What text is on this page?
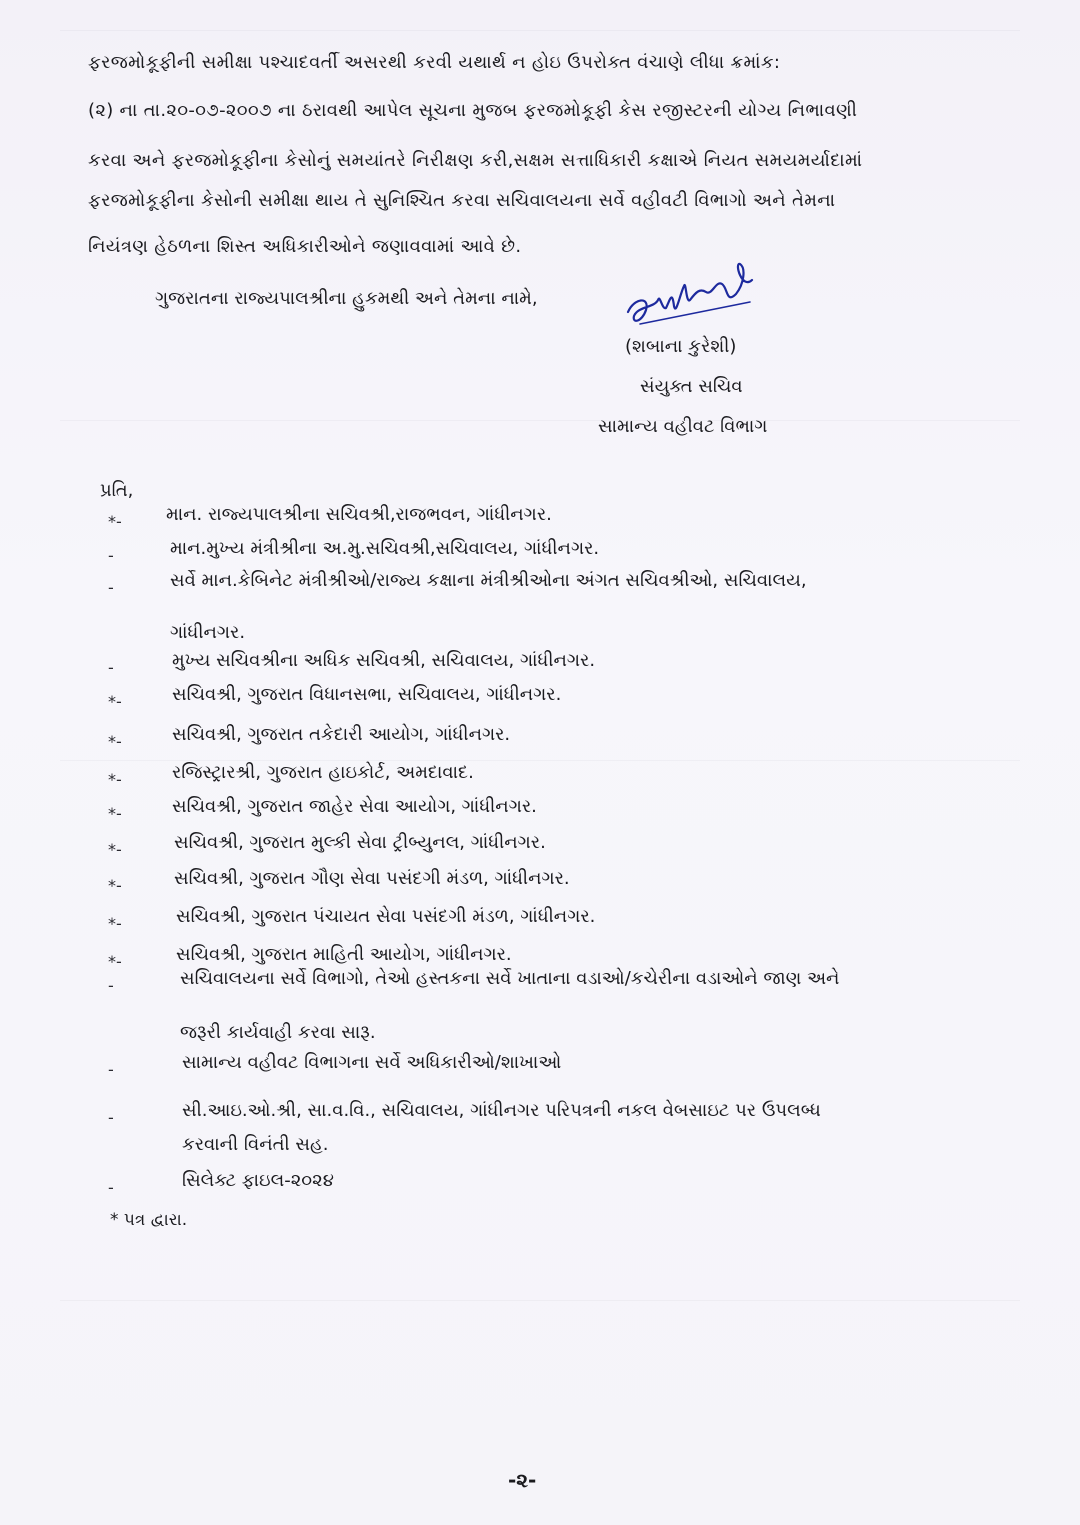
ફરજમોકૂફીની સમીક્ષા પશ્ચાદવર્તી અસરથી કરવી યથાર્થ ન હોઇ ઉપરોક્ત વંચાણે લીધા ક્રમાંક:
(૨) ના તા.૨૦-૦૭-૨૦૦૭ ના ઠરાવથી આપેલ સૂચના મુજબ ફરજમોકૂફી કેસ રજીસ્ટરની યોગ્ય નિભાવણી
કરવા અને ફરજમોકૂફીના કેસોનું સમયાંતરે નિરીક્ષણ કરી,સક્ષમ સત્તાધિકારી કક્ષાએ નિયત સમયમર્યાદામાં
ફરજમોકૂફીના કેસોની સમીક્ષા થાય તે સુનિશ્ચિત કરવા સચિવાલયના સર્વે વહીવટી વિભાગો અને તેમના
નિયંત્રણ હેઠળના શિસ્ત અધિકારીઓને જણાવવામાં આવે છે.
ગુજરાતના રાજ્યપાલશ્રીના હુકમથી અને તેમના નામે,
(શબાના કુરેશી)
સંયુક્ત સચિવ
સામાન્ય વહીવટ વિભાગ
પ્રતિ,
*- માન. રાજ્યપાલશ્રીના સચિવશ્રી,રાજભવન, ગાંધીનગર.
-	માન.મુખ્ય મંત્રીશ્રીના અ.મુ.સચિવશ્રી,સચિવાલય, ગાંધીનગર.
-	સર્વે માન.કેબિનેટ મંત્રીશ્રીઓ/રાજ્ય કક્ષાના મંત્રીશ્રીઓના અંગત સચિવશ્રીઓ, સચિવાલય,
ગાંધીનગર.
-	મુખ્ય સચિવશ્રીના અધિક સચિવશ્રી, સચિવાલય, ગાંધીનગર.
*-	સચિવશ્રી, ગુજરાત વિધાનસભા, સચિવાલય, ગાંધીનગર.
*-	સચિવશ્રી, ગુજરાત તકેદારી આયોગ, ગાંધીનગર.
*-	રજિસ્ટ્રારશ્રી, ગુજરાત હાઇકોર્ટ, અમદાવાદ.
*-	સચિવશ્રી, ગુજરાત જાહેર સેવા આયોગ, ગાંધીનગર.
*-	સચિવશ્રી, ગુજરાત મુલ્કી સેવા ટ્રીબ્યુનલ, ગાંધીનગર.
*-	સચિવશ્રી, ગુજરાત ગૌણ સેવા પસંદગી મંડળ, ગાંધીનગર.
*-	સચિવશ્રી, ગુજરાત પંચાયત સેવા પસંદગી મંડળ, ગાંધીનગર.
*-	સચિવશ્રી, ગુજરાત માહિતી આયોગ, ગાંધીનગર.
-	સચિવાલયના સર્વે વિભાગો, તેઓ હસ્તકના સર્વે ખાતાના વડાઓ/કચેરીના વડાઓને જાણ અને
જરૂરી કાર્યવાહી કરવા સારૂ.
-	સામાન્ય વહીવટ વિભાગના સર્વે અધિકારીઓ/શાખાઓ
-	સી.આઇ.ઓ.શ્રી, સા.વ.વિ., સચિવાલય, ગાંધીનગર પરિપત્રની નકલ વેબસાઇટ પર ઉપલબ્ધ
કરવાની વિનંતી સહ.
-	સિલેક્ટ ફાઇલ-૨૦૨૪
* પત્ર દ્વારા.
-૨-
